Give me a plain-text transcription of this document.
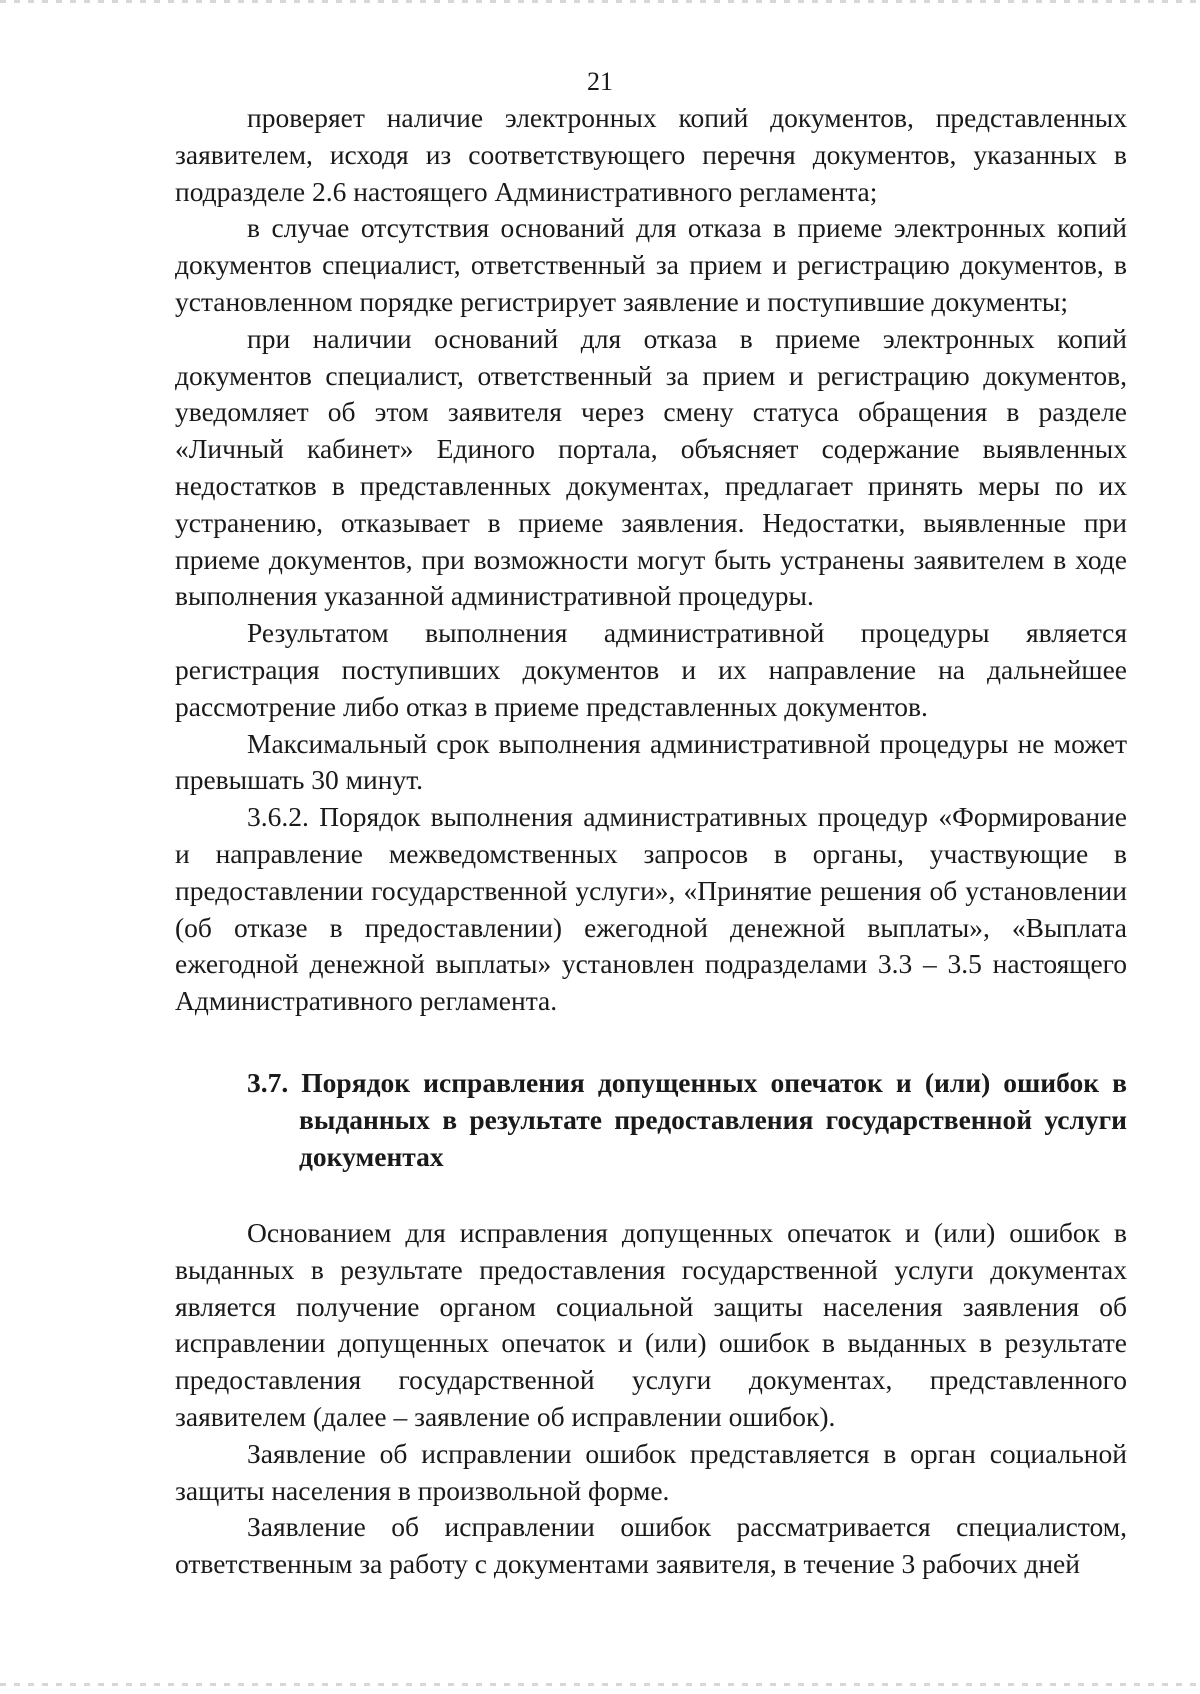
21

проверяет наличие электронных копий документов, представленных заявителем, исходя из соответствующего перечня документов, указанных в подразделе 2.6 настоящего Административного регламента;

в случае отсутствия оснований для отказа в приеме электронных копий документов специалист, ответственный за прием и регистрацию документов, в установленном порядке регистрирует заявление и поступившие документы;

при наличии оснований для отказа в приеме электронных копий документов специалист, ответственный за прием и регистрацию документов, уведомляет об этом заявителя через смену статуса обращения в разделе «Личный кабинет» Единого портала, объясняет содержание выявленных недостатков в представленных документах, предлагает принять меры по их устранению, отказывает в приеме заявления. Недостатки, выявленные при приеме документов, при возможности могут быть устранены заявителем в ходе выполнения указанной административной процедуры.

Результатом выполнения административной процедуры является регистрация поступивших документов и их направление на дальнейшее рассмотрение либо отказ в приеме представленных документов.

Максимальный срок выполнения административной процедуры не может превышать 30 минут.

3.6.2. Порядок выполнения административных процедур «Формирование и направление межведомственных запросов в органы, участвующие в предоставлении государственной услуги», «Принятие решения об установлении (об отказе в предоставлении) ежегодной денежной выплаты», «Выплата ежегодной денежной выплаты» установлен подразделами 3.3 – 3.5 настоящего Административного регламента.

3.7. Порядок исправления допущенных опечаток и (или) ошибок в выданных в результате предоставления государственной услуги документах

Основанием для исправления допущенных опечаток и (или) ошибок в выданных в результате предоставления государственной услуги документах является получение органом социальной защиты населения заявления об исправлении допущенных опечаток и (или) ошибок в выданных в результате предоставления государственной услуги документах, представленного заявителем (далее – заявление об исправлении ошибок).

Заявление об исправлении ошибок представляется в орган социальной защиты населения в произвольной форме.

Заявление об исправлении ошибок рассматривается специалистом, ответственным за работу с документами заявителя, в течение 3 рабочих дней
